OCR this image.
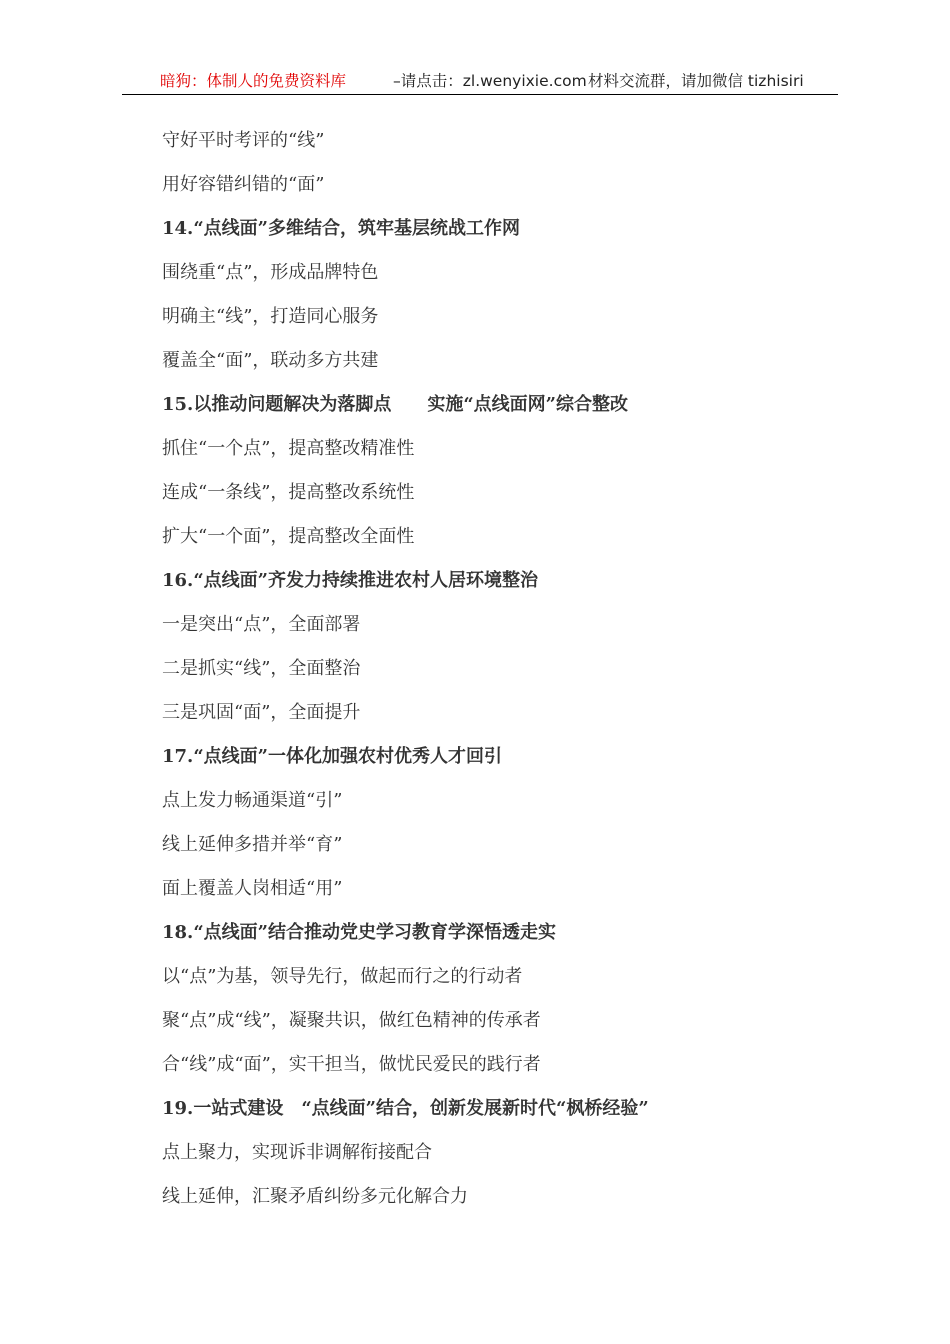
暗狗：体制人的免费资料库	–请点击：zl.wenyixie.com 材料交流群，请加微信 tizhisiri
守好平时考评的“线”
用好容错纠错的“面”
14.“点线面”多维结合，筑牢基层统战工作网
围绕重“点”，形成品牌特色
明确主“线”，打造同心服务
覆盖全“面”，联动多方共建
15.以推动问题解决为落脚点　　实施“点线面网”综合整改
抓住“一个点”，提高整改精准性
连成“一条线”，提高整改系统性
扩大“一个面”，提高整改全面性
16.“点线面”齐发力持续推进农村人居环境整治
一是突出“点”，全面部署
二是抓实“线”，全面整治
三是巩固“面”，全面提升
17.“点线面”一体化加强农村优秀人才回引
点上发力畅通渠道“引”
线上延伸多措并举“育”
面上覆盖人岗相适“用”
18.“点线面”结合推动党史学习教育学深悟透走实
以“点”为基，领导先行，做起而行之的行动者
聚“点”成“线”，凝聚共识，做红色精神的传承者
合“线”成“面”，实干担当，做忧民爱民的践行者
19.一站式建设　“点线面”结合，创新发展新时代“枫桥经验”
点上聚力，实现诉非调解衔接配合
线上延伸，汇聚矛盾纠纷多元化解合力
